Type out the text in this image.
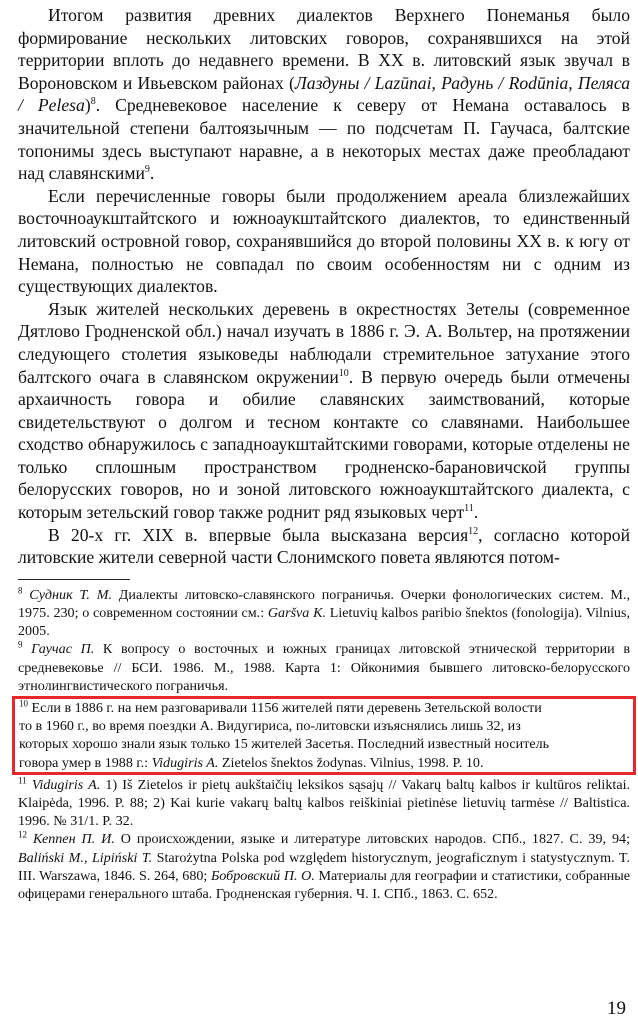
Итогом развития древних диалектов Верхнего Понеманья было формирование нескольких литовских говоров, сохранявшихся на этой территории вплоть до недавнего времени. В XX в. литовский язык звучал в Вороновском и Ивьевском районах (Лаздуны / Lazūnai, Радунь / Rodūnia, Пеляса / Pelesa)$^8$. Средневековое население к северу от Немана оставалось в значительной степени балтоязычным — по подсчетам П. Гаучаса, балтские топонимы здесь выступают наравне, а в некоторых местах даже преобладают над славянскими$^9$.

Если перечисленные говоры были продолжением ареала близлежайших восточноаукштайтского и южноаукштайтского диалектов, то единственный литовский островной говор, сохранявшийся до второй половины XX в. к югу от Немана, полностью не совпадал по своим особенностям ни с одним из существующих диалектов.

Язык жителей нескольких деревень в окрестностях Зетелы (современное Дятлово Гродненской обл.) начал изучать в 1886 г. Э. А. Вольтер, на протяжении следующего столетия языковеды наблюдали стремительное затухание этого балтского очага в славянском окружении$^{10}$. В первую очередь были отмечены архаичность говора и обилие славянских заимствований, которые свидетельствуют о долгом и тесном контакте со славянами. Наибольшее сходство обнаружилось с западноаукштайтскими говорами, которые отделены не только сплошным пространством гродненско-барановичской группы белорусских говоров, но и зоной литовского южноаукштайтского диалекта, с которым зетельский говор также роднит ряд языковых черт$^{11}$.

В 20-х гг. XIX в. впервые была высказана версия$^{12}$, согласно которой литовские жители северной части Слонимского повета являются потом-

$^8$ Судник Т. М. Диалекты литовско-славянского пограничья. Очерки фонологических систем. М., 1975. 230; о современном состоянии см.: Garšva K. Lietuvių kalbos paribio šnektos (fonologija). Vilnius, 2005.

$^9$ Гаучас П. К вопросу о восточных и южных границах литовской этнической территории в средневековье // БСИ. 1986. М., 1988. Карта 1: Ойконимия бывшего литовско-белорусского этнолингвистического пограничья.

$^{10}$ Если в 1886 г. на нем разговаривали 1156 жителей пяти деревень Зетельской волости
то в 1960 г., во время поездки А. Видугириса, по-литовски изъяснялись лишь 32, из
которых хорошо знали язык только 15 жителей Засетья. Последний известный носитель
говора умер в 1988 г.: Vidugiris A. Zietelos šnektos žodynas. Vilnius, 1998. P. 10.

$^{11}$ Vidugiris A. 1) Iš Zietelos ir pietų aukštaičių leksikos sąsajų // Vakarų baltų kalbos ir kultūros reliktai. Klaipėda, 1996. P. 88; 2) Kai kurie vakarų baltų kalbos reiškiniai pietinėse lietuvių tarmėse // Baltistica. 1996. № 31/1. P. 32.

$^{12}$ Кеппен П. И. О происхождении, языке и литературе литовских народов. СПб., 1827. С. 39, 94; Baliński M., Lipiński T. Starożytna Polska pod względem historycznym, jeograficznym i statystycznym. T. III. Warszawa, 1846. S. 264, 680; Бобровский П. О. Материалы для географии и статистики, собранные офицерами генерального штаба. Гродненская губерния. Ч. I. СПб., 1863. С. 652.

19
